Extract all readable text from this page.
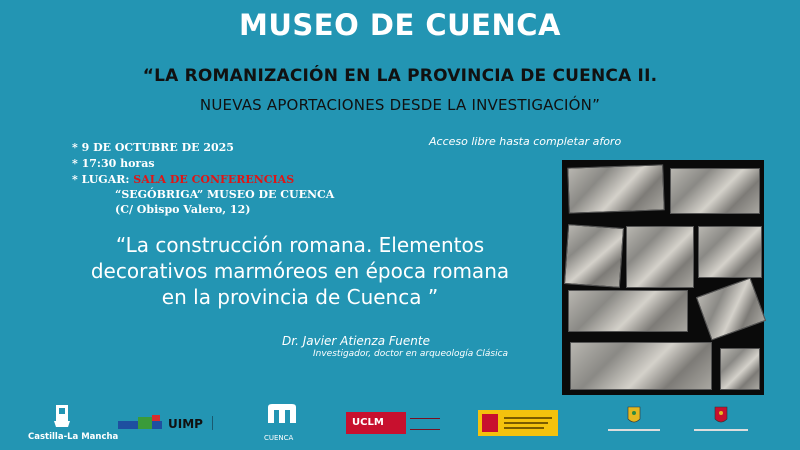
MUSEO DE CUENCA
“LA ROMANIZACIÓN EN LA PROVINCIA DE CUENCA II.
NUEVAS APORTACIONES DESDE LA INVESTIGACIÓN”
* 9 DE OCTUBRE DE 2025
* 17:30 horas
* LUGAR: SALA DE CONFERENCIAS
“SEGÓBRIGA” MUSEO DE CUENCA
(C/ Obispo Valero, 12)
Acceso libre hasta completar aforo
“La construcción romana. Elementos
decorativos marmóreos en época romana
en la provincia de Cuenca ”
Dr. Javier Atienza Fuente
Investigador, doctor en arqueología Clásica
Castilla-La Mancha
UIMP
CUENCA
UCLM
